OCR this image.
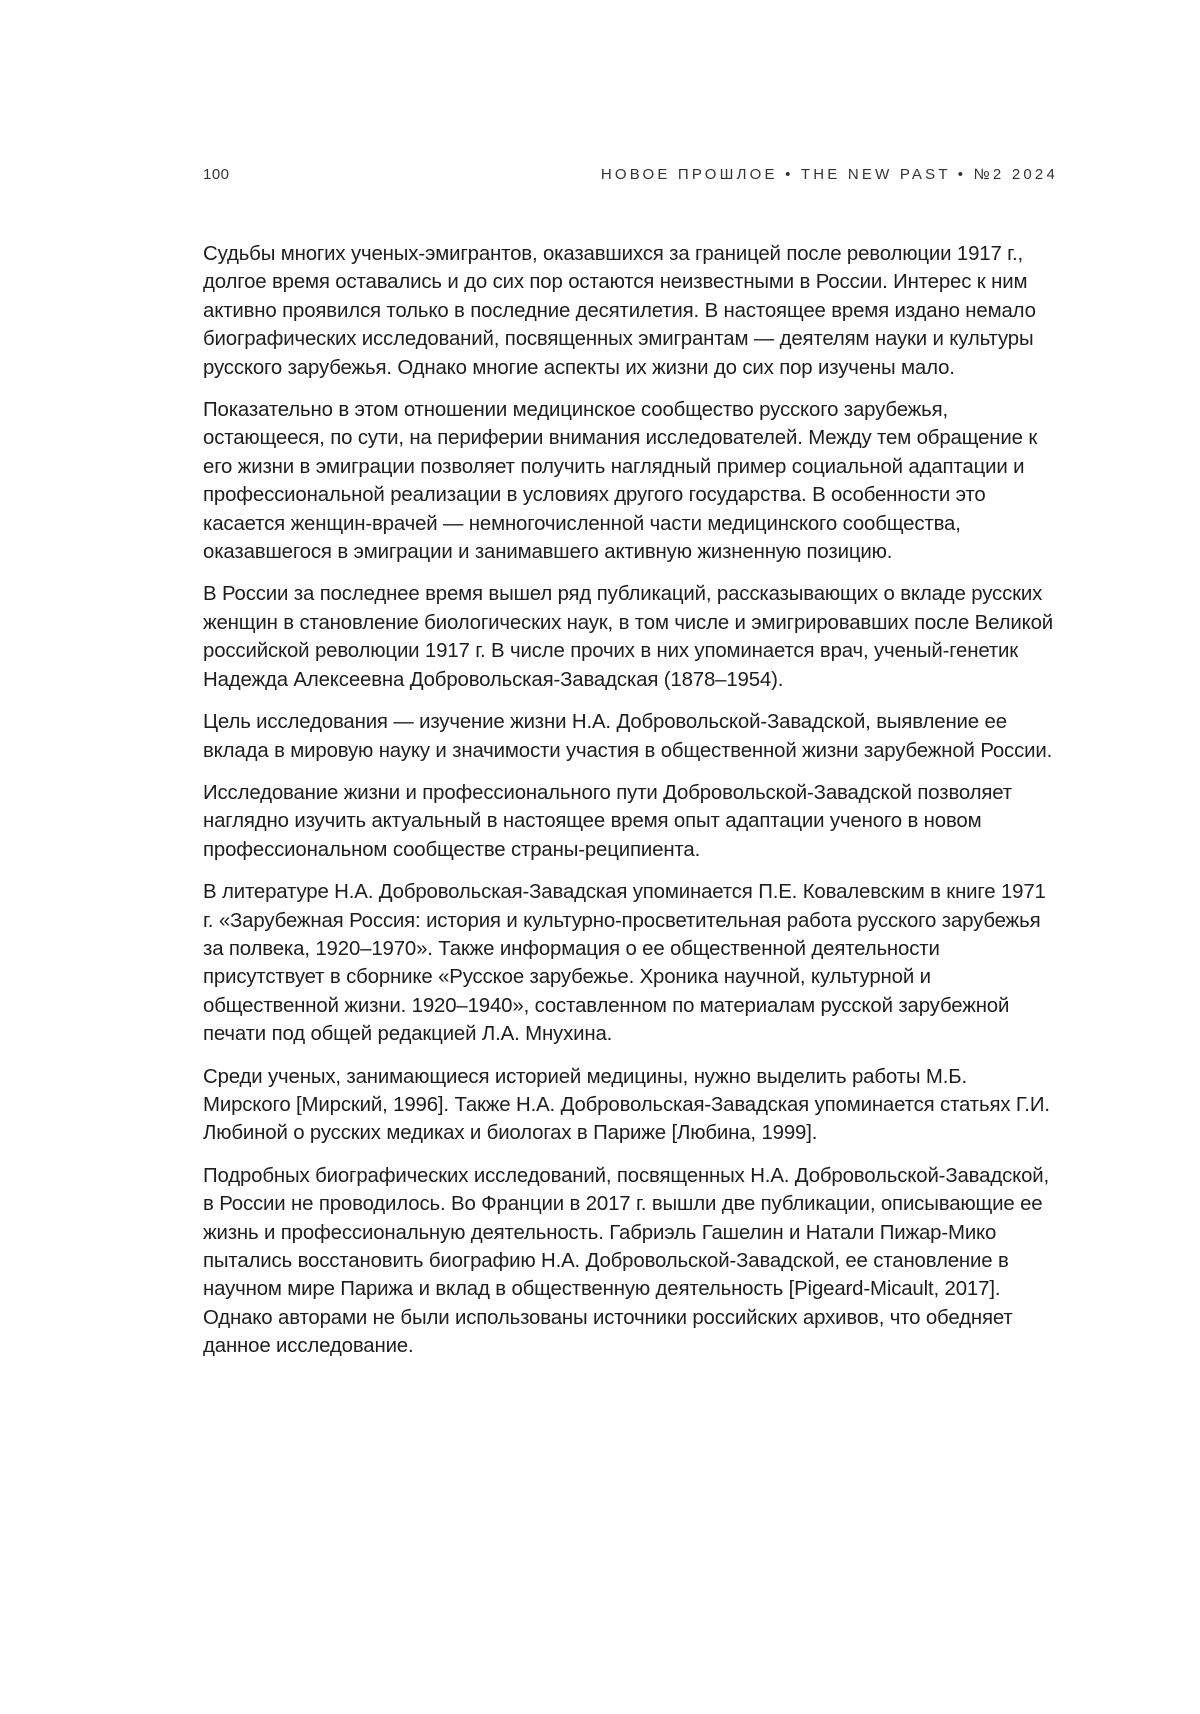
100	НОВОЕ ПРОШЛОЕ • THE NEW PAST • №2 2024

Судьбы многих ученых-эмигрантов, оказавшихся за границей после революции 1917 г., долгое время оставались и до сих пор остаются неизвестными в России. Интерес к ним активно проявился только в последние десятилетия. В настоящее время издано немало биографических исследований, посвященных эмигрантам — деятелям науки и культуры русского зарубежья. Однако многие аспекты их жизни до сих пор изучены мало.

Показательно в этом отношении медицинское сообщество русского зарубежья, остающееся, по сути, на периферии внимания исследователей. Между тем обращение к его жизни в эмиграции позволяет получить наглядный пример социальной адаптации и профессиональной реализации в условиях другого государства. В особенности это касается женщин-врачей — немногочисленной части медицинского сообщества, оказавшегося в эмиграции и занимавшего активную жизненную позицию.

В России за последнее время вышел ряд публикаций, рассказывающих о вкладе русских женщин в становление биологических наук, в том числе и эмигрировавших после Великой российской революции 1917 г. В числе прочих в них упоминается врач, ученый-генетик Надежда Алексеевна Добровольская-Завадская (1878–1954).

Цель исследования — изучение жизни Н.А. Добровольской-Завадской, выявление ее вклада в мировую науку и значимости участия в общественной жизни зарубежной России.

Исследование жизни и профессионального пути Добровольской-Завадской позволяет наглядно изучить актуальный в настоящее время опыт адаптации ученого в новом профессиональном сообществе страны-реципиента.

В литературе Н.А. Добровольская-Завадская упоминается П.Е. Ковалевским в книге 1971 г. «Зарубежная Россия: история и культурно-просветительная работа русского зарубежья за полвека, 1920–1970». Также информация о ее общественной деятельности присутствует в сборнике «Русское зарубежье. Хроника научной, культурной и общественной жизни. 1920–1940», составленном по материалам русской зарубежной печати под общей редакцией Л.А. Мнухина.

Среди ученых, занимающиеся историей медицины, нужно выделить работы М.Б. Мирского [Мирский, 1996]. Также Н.А. Добровольская-Завадская упоминается статьях Г.И. Любиной о русских медиках и биологах в Париже [Любина, 1999].

Подробных биографических исследований, посвященных Н.А. Добровольской-Завадской, в России не проводилось. Во Франции в 2017 г. вышли две публикации, описывающие ее жизнь и профессиональную деятельность. Габриэль Гашелин и Натали Пижар-Мико пытались восстановить биографию Н.А. Добровольской-Завадской, ее становление в научном мире Парижа и вклад в общественную деятельность [Pigeard-Micault, 2017]. Однако авторами не были использованы источники российских архивов, что обедняет данное исследование.
